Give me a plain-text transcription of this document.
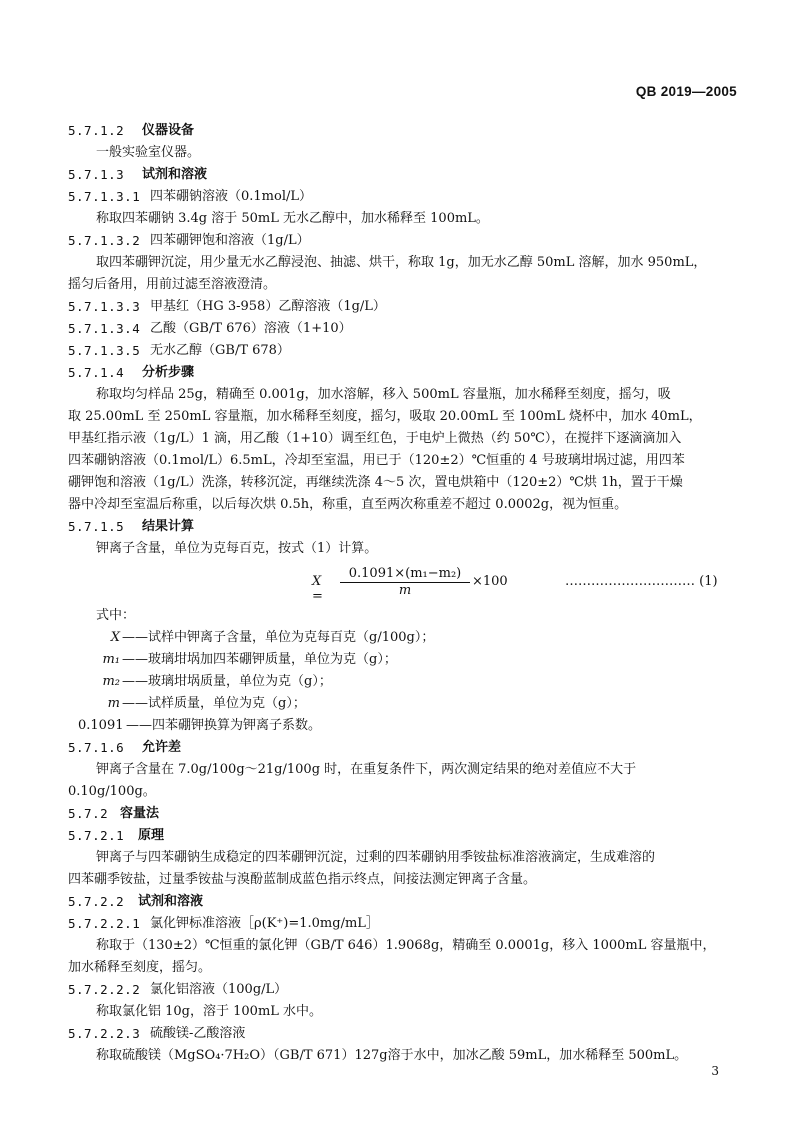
QB 2019—2005
5.7.1.2 仪器设备
一般实验室仪器。
5.7.1.3 试剂和溶液
5.7.1.3.1 四苯硼钠溶液（0.1mol/L）
称取四苯硼钠 3.4g 溶于 50mL 无水乙醇中，加水稀释至 100mL。
5.7.1.3.2 四苯硼钾饱和溶液（1g/L）
取四苯硼钾沉淀，用少量无水乙醇浸泡、抽滤、烘干，称取 1g，加无水乙醇 50mL 溶解，加水 950mL，
摇匀后备用，用前过滤至溶液澄清。
5.7.1.3.3 甲基红（HG 3-958）乙醇溶液（1g/L）
5.7.1.3.4 乙酸（GB/T 676）溶液（1+10）
5.7.1.3.5 无水乙醇（GB/T 678）
5.7.1.4 分析步骤
称取均匀样品 25g，精确至 0.001g，加水溶解，移入 500mL 容量瓶，加水稀释至刻度，摇匀，吸
取 25.00mL 至 250mL 容量瓶，加水稀释至刻度，摇匀，吸取 20.00mL 至 100mL 烧杯中，加水 40mL，
甲基红指示液（1g/L）1 滴，用乙酸（1+10）调至红色，于电炉上微热（约 50℃），在搅拌下逐滴滴加入
四苯硼钠溶液（0.1mol/L）6.5mL，冷却至室温，用已于（120±2）℃恒重的 4 号玻璃坩埚过滤，用四苯
硼钾饱和溶液（1g/L）洗涤，转移沉淀，再继续洗涤 4～5 次，置电烘箱中（120±2）℃烘 1h，置于干燥
器中冷却至室温后称重，以后每次烘 0.5h，称重，直至两次称重差不超过 0.0002g，视为恒重。
5.7.1.5 结果计算
钾离子含量，单位为克每百克，按式（1）计算。
$X = \frac{\text{0.1091×(m₁−m₂)}}{m} \times 100$	………………………… (1)
式中：
X ——试样中钾离子含量，单位为克每百克（g/100g）；
m₁ ——玻璃坩埚加四苯硼钾质量，单位为克（g）；
m₂ ——玻璃坩埚质量，单位为克（g）；
m ——试样质量，单位为克（g）；
0.1091 ——四苯硼钾换算为钾离子系数。
5.7.1.6 允许差
钾离子含量在 7.0g/100g～21g/100g 时，在重复条件下，两次测定结果的绝对差值应不大于
0.10g/100g。
5.7.2 容量法
5.7.2.1 原理
钾离子与四苯硼钠生成稳定的四苯硼钾沉淀，过剩的四苯硼钠用季铵盐标准溶液滴定，生成难溶的
四苯硼季铵盐，过量季铵盐与溴酚蓝制成蓝色指示终点，间接法测定钾离子含量。
5.7.2.2 试剂和溶液
5.7.2.2.1 氯化钾标准溶液［ρ(K⁺)=1.0mg/mL］
称取于（130±2）℃恒重的氯化钾（GB/T 646）1.9068g，精确至 0.0001g，移入 1000mL 容量瓶中，
加水稀释至刻度，摇匀。
5.7.2.2.2 氯化铝溶液（100g/L）
称取氯化铝 10g，溶于 100mL 水中。
5.7.2.2.3 硫酸镁-乙酸溶液
称取硫酸镁（MgSO₄·7H₂O）（GB/T 671）127g溶于水中，加冰乙酸 59mL，加水稀释至 500mL。
3
